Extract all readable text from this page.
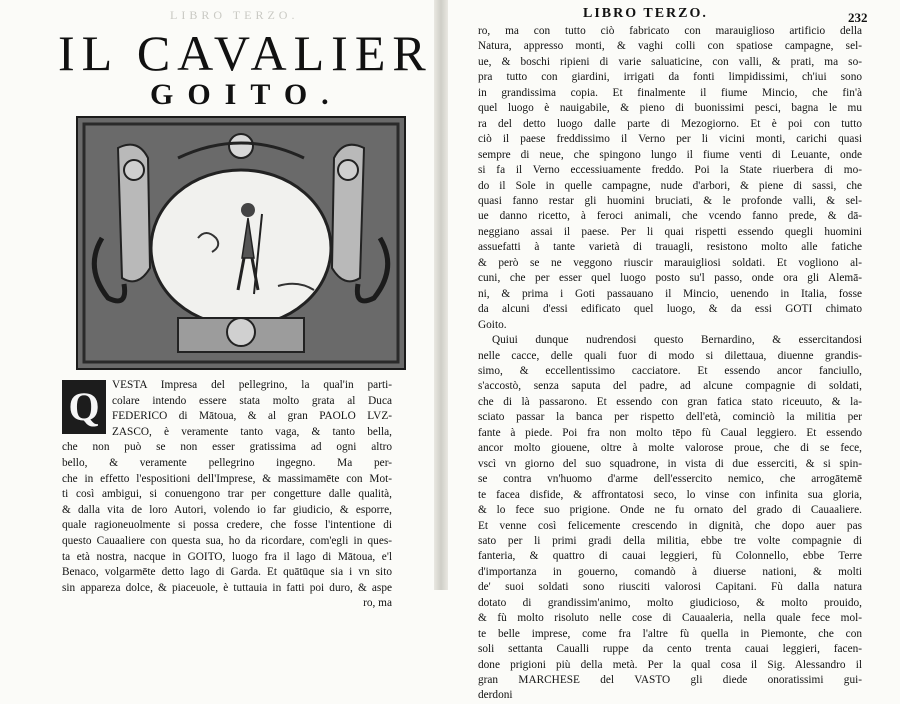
LIBRO TERZO.
IL CAVALIER
GOITO.
Q	VESTA Impresa del pellegrino, la qual'in parti-
colare intendo essere stata molto grata al Duca
FEDERICO di Mātoua, & al gran PAOLO LVZ-
ZASCO, è veramente tanto vaga, & tanto bella,
che non può se non esser gratissima ad ogni altro
bello, & veramente pellegrino ingegno. Ma per-
che in effetto l'espositioni dell'Imprese, & massimamēte con Mot-
ti così ambigui, si conuengono trar per congetture dalle qualità,
& dalla vita de loro Autori, volendo io far giudicio, & esporre,
quale ragioneuolmente si possa credere, che fosse l'intentione di
questo Cauaaliere con questa sua, ho da ricordare, com'egli in ques-
ta età nostra, nacque in GOITO, luogo fra il lago di Mātoua, e'l
Benaco, volgarmēte detto lago di Garda. Et quātūque sia i vn sito
sin appareza dolce, & piaceuole, è tuttauia in fatti poi duro, & aspe
ro, ma
LIBRO TERZO.	232
ro, ma con tutto ciò fabricato con marauiglioso artificio della
Natura, appresso monti, & vaghi colli con spatiose campagne, sel-
ue, & boschi ripieni di varie saluaticine, con valli, & prati, ma so-
pra tutto con giardini, irrigati da fonti limpidissimi, ch'iui sono
in grandissima copia. Et finalmente il fiume Mincio, che fin'à
quel luogo è nauigabile, & pieno di buonissimi pesci, bagna le mu
ra del detto luogo dalle parte di Mezogiorno. Et è poi con tutto
ciò il paese freddissimo il Verno per li vicini monti, carichi quasi
sempre di neue, che spingono lungo il fiume venti di Leuante, onde
si fa il Verno eccessiuamente freddo. Poi la State riuerbera di mo-
do il Sole in quelle campagne, nude d'arbori, & piene di sassi, che
quasi fanno restar gli huomini bruciati, & le profonde valli, & sel-
ue danno ricetto, à feroci animali, che vcendo fanno prede, & dā-
neggiano assai il paese. Per li quai rispetti essendo quegli huomini
assuefatti à tante varietà di trauagli, resistono molto alle fatiche
& però se ne veggono riuscir marauigliosi soldati. Et vogliono al-
cuni, che per esser quel luogo posto su'l passo, onde ora gli Alemā-
ni, & prima i Goti passauano il Mincio, uenendo in Italia, fosse
da alcuni d'essi edificato quel luogo, & da essi GOTI chimato
Goito.
Quiui dunque nudrendosi questo Bernardino, & essercitandosi
nelle cacce, delle quali fuor di modo si dilettaua, diuenne grandis-
simo, & eccellentissimo cacciatore. Et essendo ancor fanciullo,
s'accostò, senza saputa del padre, ad alcune compagnie di soldati,
che di là passarono. Et essendo con gran fatica stato riceuuto, & la-
sciato passar la banca per rispetto dell'età, cominciò la militia per
fante à piede. Poi fra non molto tēpo fù Caual leggiero. Et essendo
ancor molto giouene, oltre à molte valorose proue, che di se fece,
vscì vn giorno del suo squadrone, in vista di due esserciti, & si spin-
se contra vn'huomo d'arme dell'essercito nemico, che arrogātemē
te facea disfide, & affrontatosi seco, lo vinse con infinita sua gloria,
& lo fece suo prigione. Onde ne fu ornato del grado di Cauaaliere.
Et venne così felicemente crescendo in dignità, che dopo auer pas
sato per li primi gradi della militia, ebbe tre volte compagnie di
fanteria, & quattro di cauai leggieri, fù Colonnello, ebbe Terre
d'importanza in gouerno, comandò à diuerse nationi, & molti
de' suoi soldati sono riusciti valorosi Capitani. Fù dalla natura
dotato di grandissim'animo, molto giudicioso, & molto prouido,
& fù molto risoluto nelle cose di Cauaaleria, nella quale fece mol-
te belle imprese, come fra l'altre fù quella in Piemonte, che con
soli settanta Caualli ruppe da cento trenta cauai leggieri, facen-
done prigioni più della metà. Per la qual cosa il Sig. Alessandro il
gran MARCHESE del VASTO gli diede onoratissimi gui-
derdoni
